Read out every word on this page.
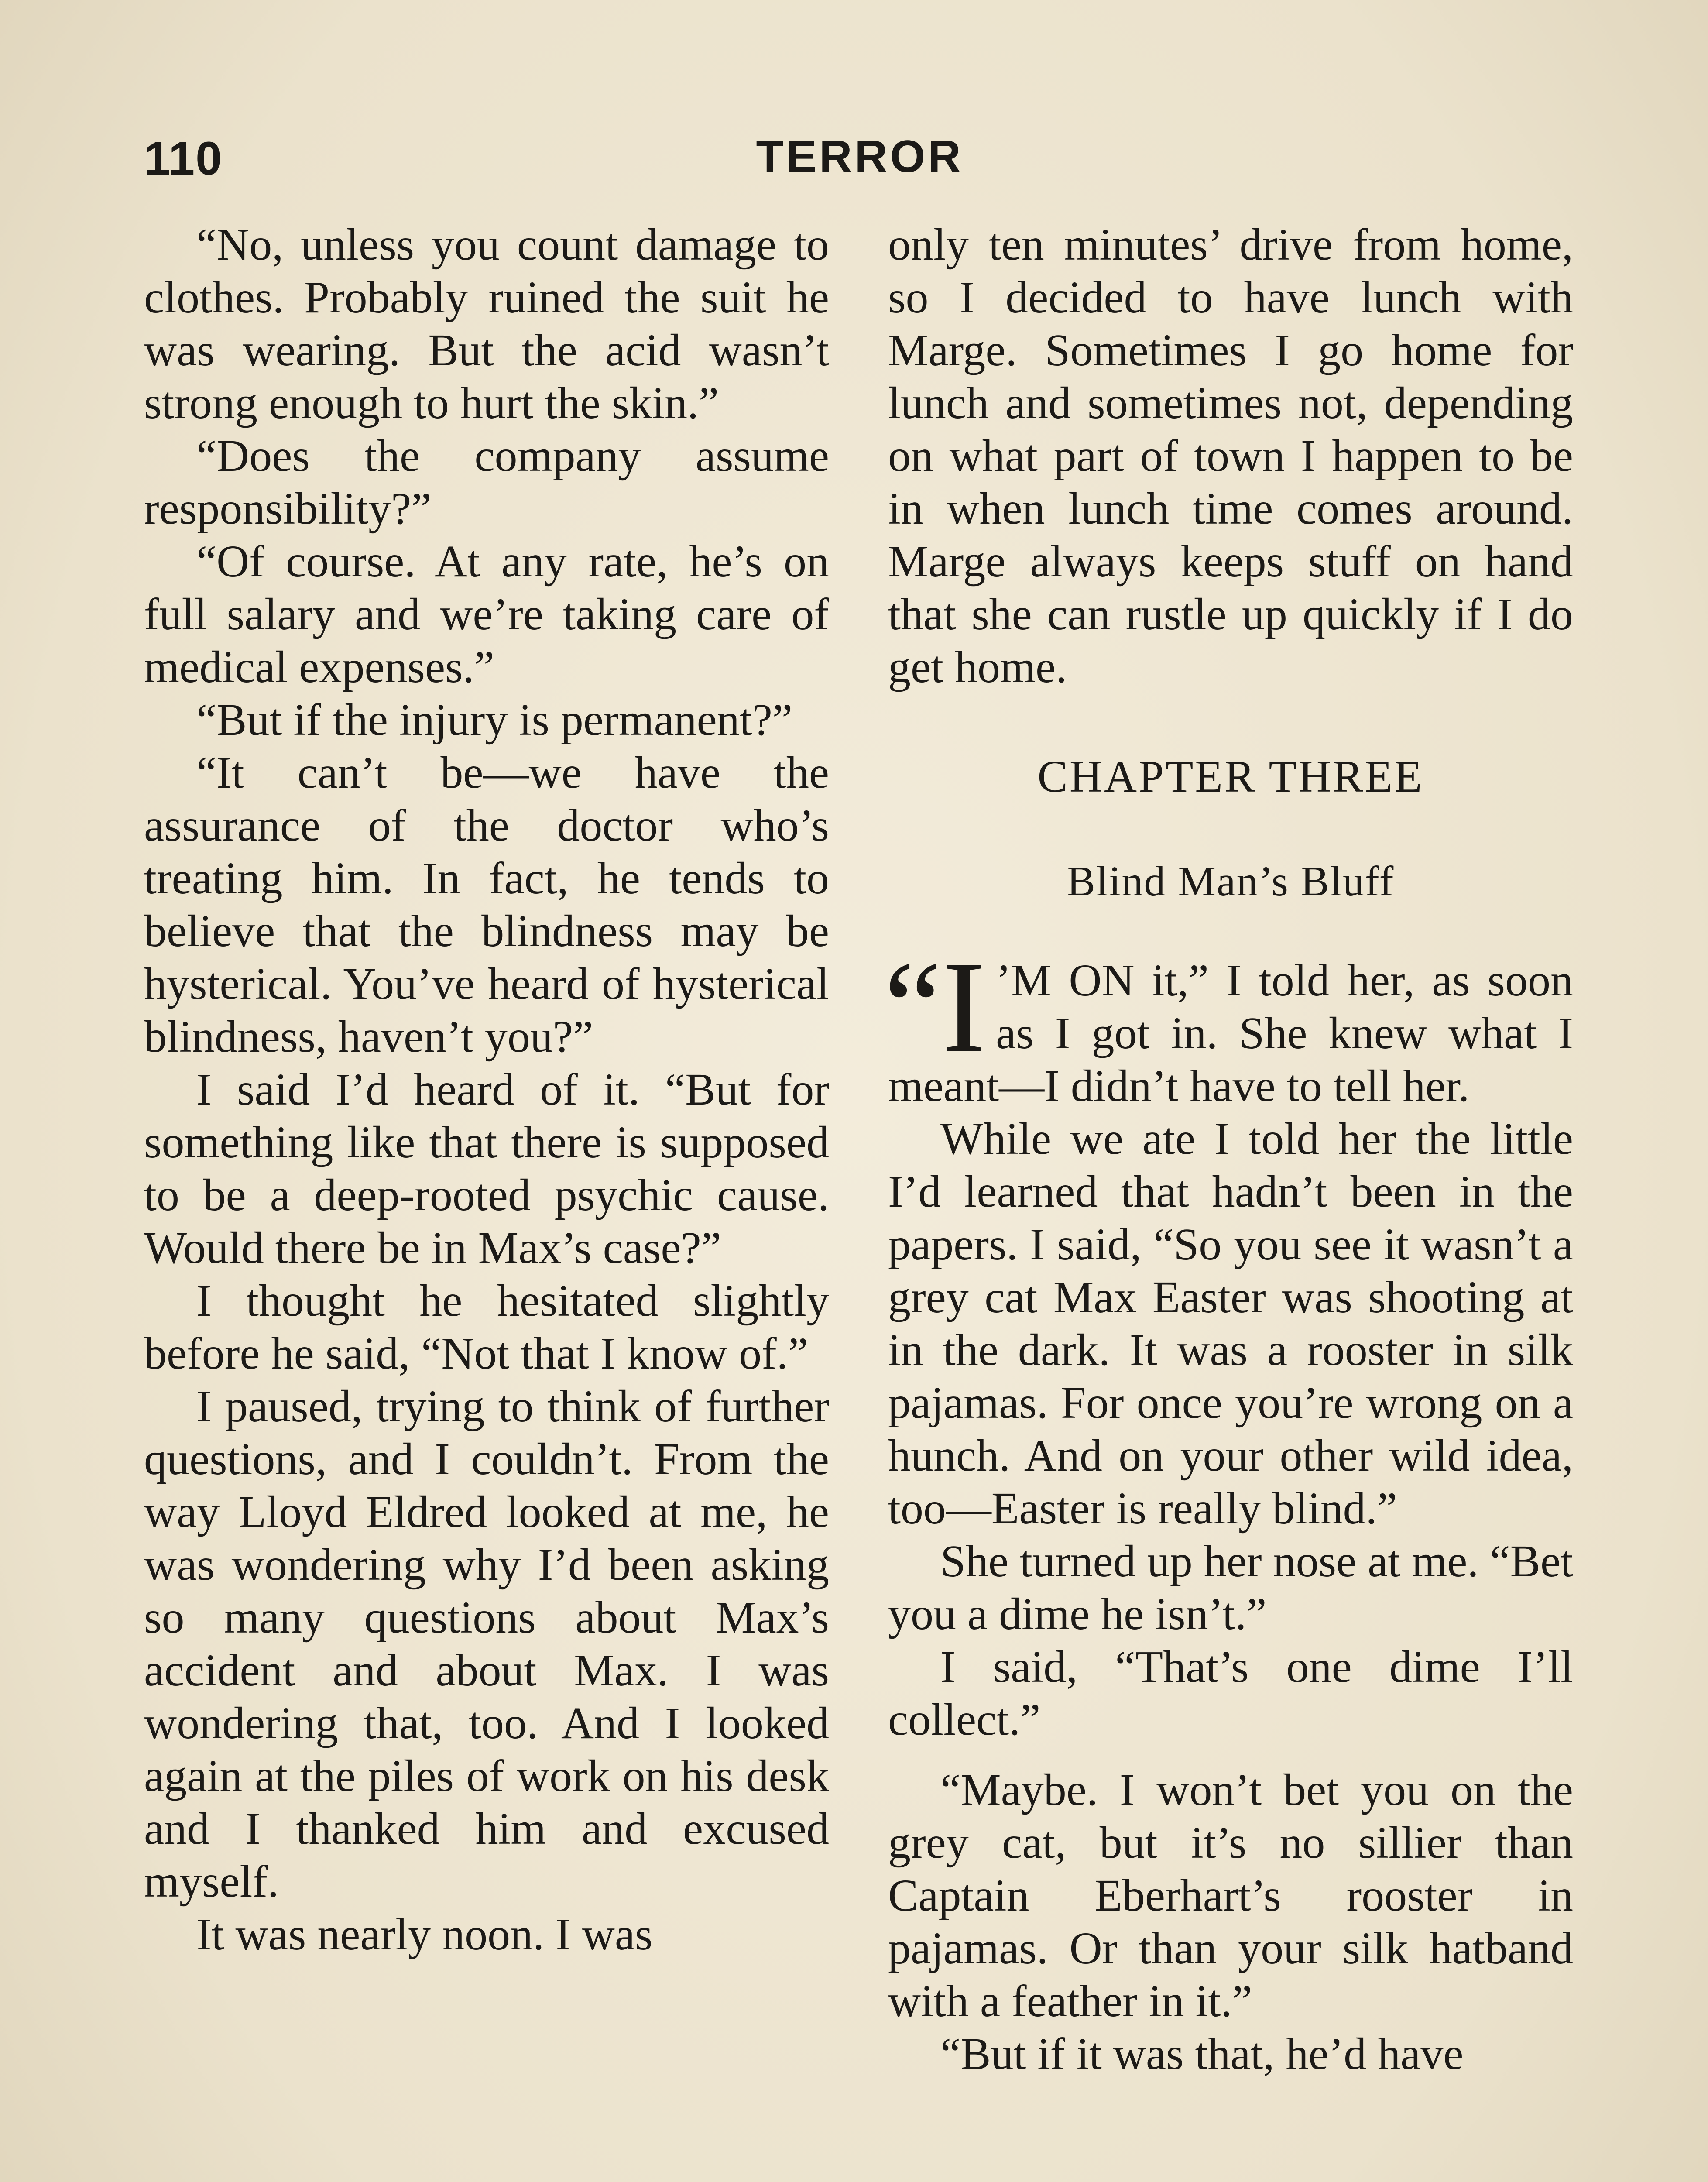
110	TERROR

“No, unless you count damage to clothes. Probably ruined the suit he was wearing. But the acid wasn’t strong enough to hurt the skin.”

“Does the company assume responsibility?”

“Of course. At any rate, he’s on full salary and we’re taking care of medical expenses.”

“But if the injury is permanent?”

“It can’t be—we have the assurance of the doctor who’s treating him. In fact, he tends to believe that the blindness may be hysterical. You’ve heard of hysterical blindness, haven’t you?”

I said I’d heard of it. “But for something like that there is supposed to be a deep-rooted psychic cause. Would there be in Max’s case?”

I thought he hesitated slightly before he said, “Not that I know of.”

I paused, trying to think of further questions, and I couldn’t. From the way Lloyd Eldred looked at me, he was wondering why I’d been asking so many questions about Max’s accident and about Max. I was wondering that, too. And I looked again at the piles of work on his desk and I thanked him and excused myself.

It was nearly noon. I was

only ten minutes’ drive from home, so I decided to have lunch with Marge. Sometimes I go home for lunch and sometimes not, depending on what part of town I happen to be in when lunch time comes around. Marge always keeps stuff on hand that she can rustle up quickly if I do get home.

CHAPTER THREE

Blind Man’s Bluff

“I ’M ON it,” I told her, as soon as I got in. She knew what I meant—I didn’t have to tell her.

While we ate I told her the little I’d learned that hadn’t been in the papers. I said, “So you see it wasn’t a grey cat Max Easter was shooting at in the dark. It was a rooster in silk pajamas. For once you’re wrong on a hunch. And on your other wild idea, too—Easter is really blind.”

She turned up her nose at me. “Bet you a dime he isn’t.”

I said, “That’s one dime I’ll collect.”

“Maybe. I won’t bet you on the grey cat, but it’s no sillier than Captain Eberhart’s rooster in pajamas. Or than your silk hatband with a feather in it.”

“But if it was that, he’d have
